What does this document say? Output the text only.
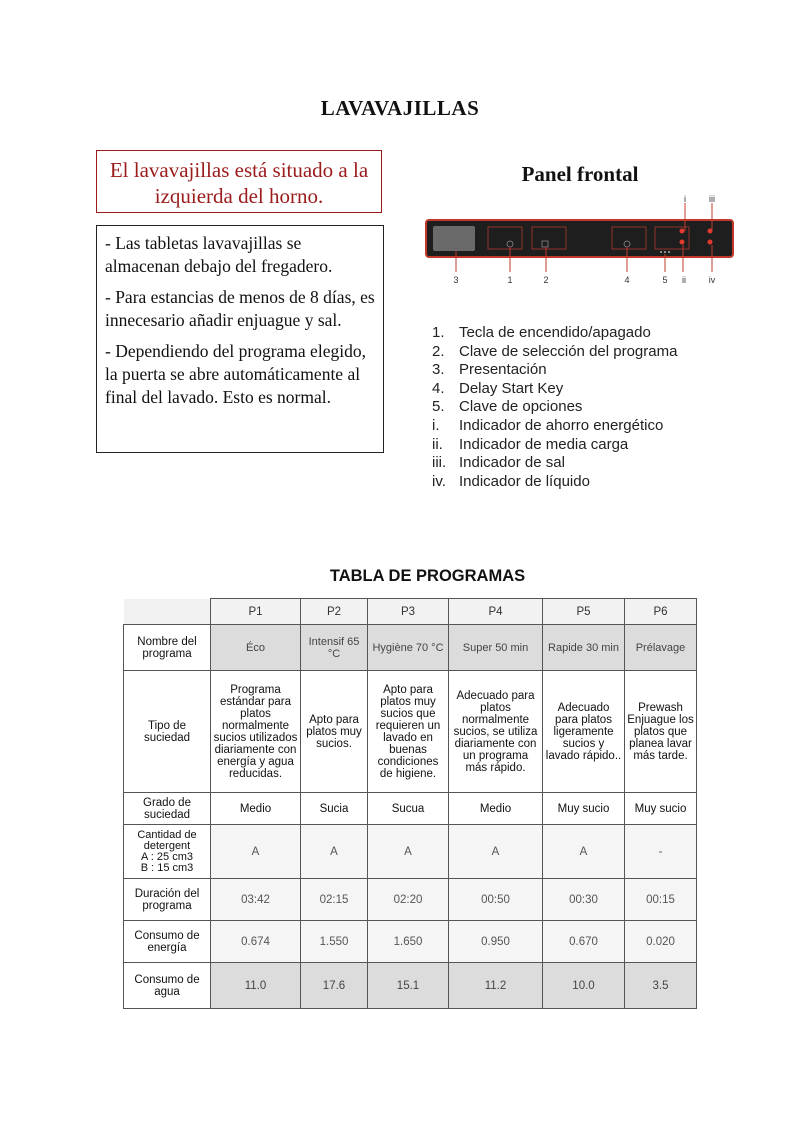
LAVAVAJILLAS
El lavavajillas está situado a la izquierda del horno.

- Las tabletas lavavajillas se almacenan debajo del fregadero.

- Para estancias de menos de 8 días, es innecesario añadir enjuague y sal.

- Dependiendo del programa elegido, la puerta se abre automáticamente al final del lavado. Esto es normal.

Panel frontal
i	iii
3	1	2	4	5 ii	iv
1. Tecla de encendido/apagado
2. Clave de selección del programa
3. Presentación
4. Delay Start Key
5. Clave de opciones
i.	Indicador de ahorro energético
ii.	Indicador de media carga
iii. Indicador de sal
iv. Indicador de líquido
TABLA DE PROGRAMAS
	P1	P2	P3	P4	P5	P6
Nombre del programa	Éco	Intensif 65 °C	Hygiène 70 °C	Super 50 min	Rapide 30 min	Prélavage
Tipo de suciedad	Programa estándar para platos normalmente sucios utilizados diariamente con energía y agua reducidas.	Apto para platos muy sucios.	Apto para platos muy sucios que requieren un lavado en buenas condiciones de higiene.	Adecuado para platos normalmente sucios, se utiliza diariamente con un programa más rápido.	Adecuado para platos ligeramente sucios y lavado rápido..	Prewash Enjuague los platos que planea lavar más tarde.
Grado de suciedad	Medio	Sucia	Sucua	Medio	Muy sucio	Muy sucio

Cantidad de detergent
A : 25 cm3
B : 15 cm3	A	A	A	A	A	-
Duración del programa	03:42	02:15	02:20	00:50	00:30	00:15
Consumo de energía	0.674	1.550	1.650	0.950	0.670	0.020
Consumo de agua	11.0	17.6	15.1	11.2	10.0	3.5
